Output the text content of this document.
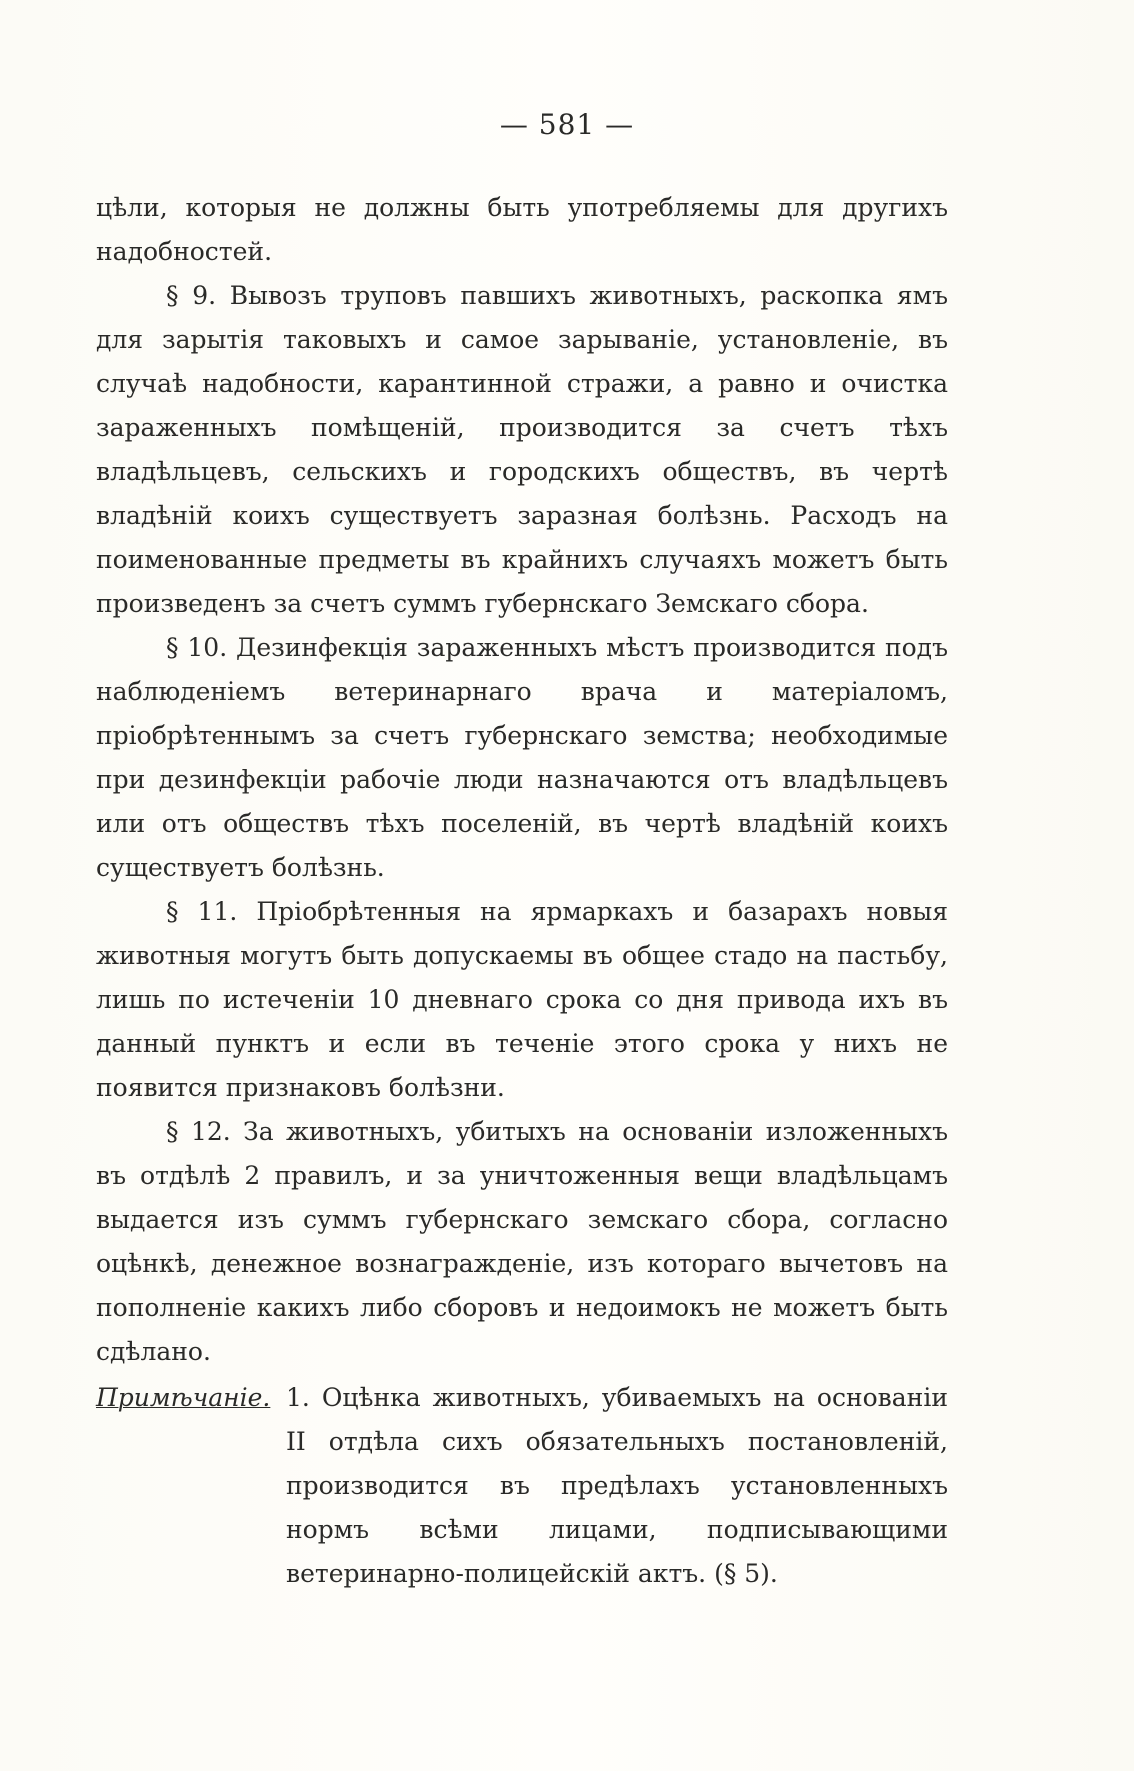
— 581 —

цѣли, которыя не должны быть употребляемы для другихъ надобностей.

§ 9. Вывозъ труповъ павшихъ животныхъ, раскопка ямъ для зарытія таковыхъ и самое зарываніе, установленіе, въ случаѣ надобности, карантинной стражи, а равно и очистка зараженныхъ помѣщеній, производится за счетъ тѣхъ владѣльцевъ, сельскихъ и городскихъ обществъ, въ чертѣ владѣній коихъ существуетъ заразная болѣзнь. Расходъ на поименованные предметы въ крайнихъ случаяхъ можетъ быть произведенъ за счетъ суммъ губернскаго Земскаго сбора.

§ 10. Дезинфекція зараженныхъ мѣстъ производится подъ наблюденіемъ ветеринарнаго врача и матеріаломъ, пріобрѣтеннымъ за счетъ губернскаго земства; необходимые при дезинфекціи рабочіе люди назначаются отъ владѣльцевъ или отъ обществъ тѣхъ поселеній, въ чертѣ владѣній коихъ существуетъ болѣзнь.

§ 11. Пріобрѣтенныя на ярмаркахъ и базарахъ новыя животныя могутъ быть допускаемы въ общее стадо на пастьбу, лишь по истеченіи 10 дневнаго срока со дня привода ихъ въ данный пунктъ и если въ теченіе этого срока у нихъ не появится признаковъ болѣзни.

§ 12. За животныхъ, убитыхъ на основаніи изложенныхъ въ отдѣлѣ 2 правилъ, и за уничтоженныя вещи владѣльцамъ выдается изъ суммъ губернскаго земскаго сбора, согласно оцѣнкѣ, денежное вознагражденіе, изъ котораго вычетовъ на пополненіе какихъ либо сборовъ и недоимокъ не можетъ быть сдѣлано.

Примѣчаніе. 1. Оцѣнка животныхъ, убиваемыхъ на основаніи II отдѣла сихъ обязательныхъ постановленій, производится въ предѣлахъ установленныхъ нормъ всѣми лицами, подписывающими ветеринарно-полицейскій актъ. (§ 5).
